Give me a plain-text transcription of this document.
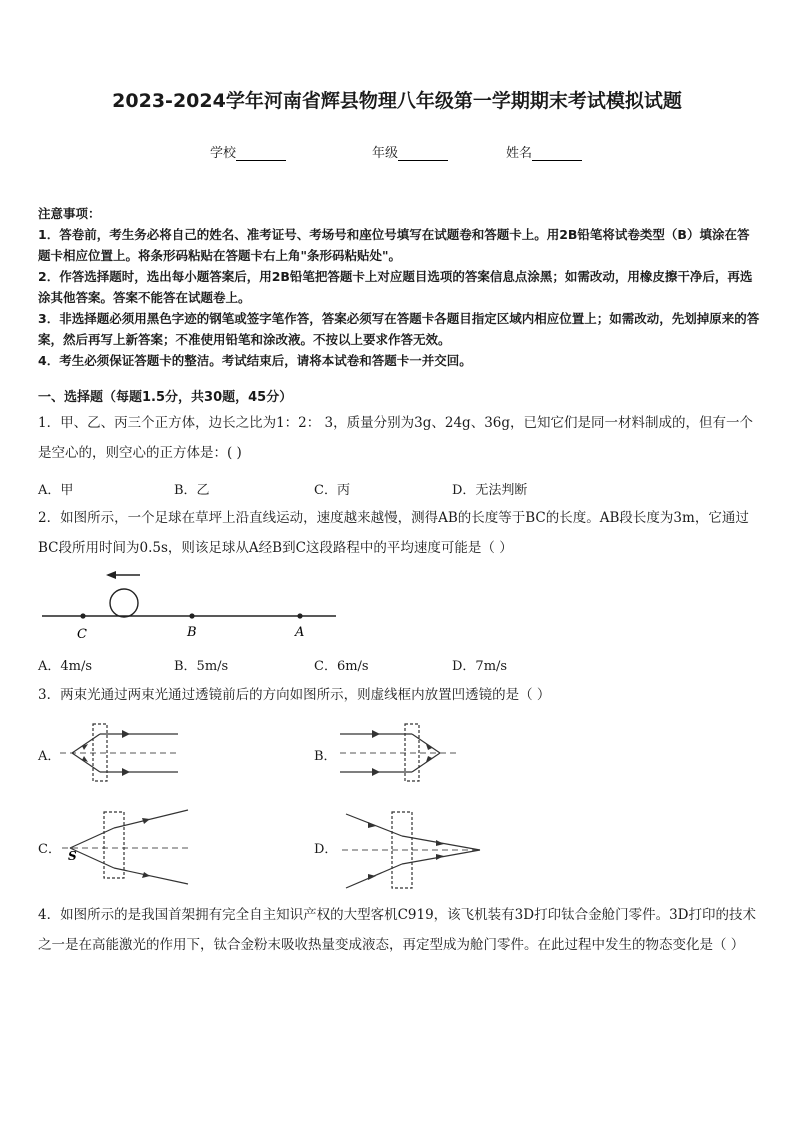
2023-2024学年河南省辉县物理八年级第一学期期末考试模拟试题
学校	年级	姓名

注意事项：

1．答卷前，考生务必将自己的姓名、准考证号、考场号和座位号填写在试题卷和答题卡上。用2B铅笔将试卷类型（B）填涂在答题卡相应位置上。将条形码粘贴在答题卡右上角"条形码粘贴处"。

2．作答选择题时，选出每小题答案后，用2B铅笔把答题卡上对应题目选项的答案信息点涂黑；如需改动，用橡皮擦干净后，再选涂其他答案。答案不能答在试题卷上。

3．非选择题必须用黑色字迹的钢笔或签字笔作答，答案必须写在答题卡各题目指定区域内相应位置上；如需改动，先划掉原来的答案，然后再写上新答案；不准使用铅笔和涂改液。不按以上要求作答无效。

4．考生必须保证答题卡的整洁。考试结束后，请将本试卷和答题卡一并交回。

一、选择题（每题1.5分，共30题，45分）

1．甲、乙、丙三个正方体，边长之比为1：2： 3，质量分别为3g、24g、36g，已知它们是同一材料制成的，但有一个是空心的，则空心的正方体是：( )

A．甲	B．乙	C．丙	D．无法判断

2．如图所示，一个足球在草坪上沿直线运动，速度越来越慢，测得AB的长度等于BC的长度。AB段长度为3m，它通过BC段所用时间为0.5s，则该足球从A经B到C这段路程中的平均速度可能是（ ）

C	B	A
A．4m/s	B．5m/s	C．6m/s	D．7m/s

3．两束光通过两束光通过透镜前后的方向如图所示，则虚线框内放置凹透镜的是（ ）

A．	B．
C． S	D．

4．如图所示的是我国首架拥有完全自主知识产权的大型客机C919，该飞机装有3D打印钛合金舱门零件。3D打印的技术之一是在高能激光的作用下，钛合金粉末吸收热量变成液态，再定型成为舱门零件。在此过程中发生的物态变化是（ ）
